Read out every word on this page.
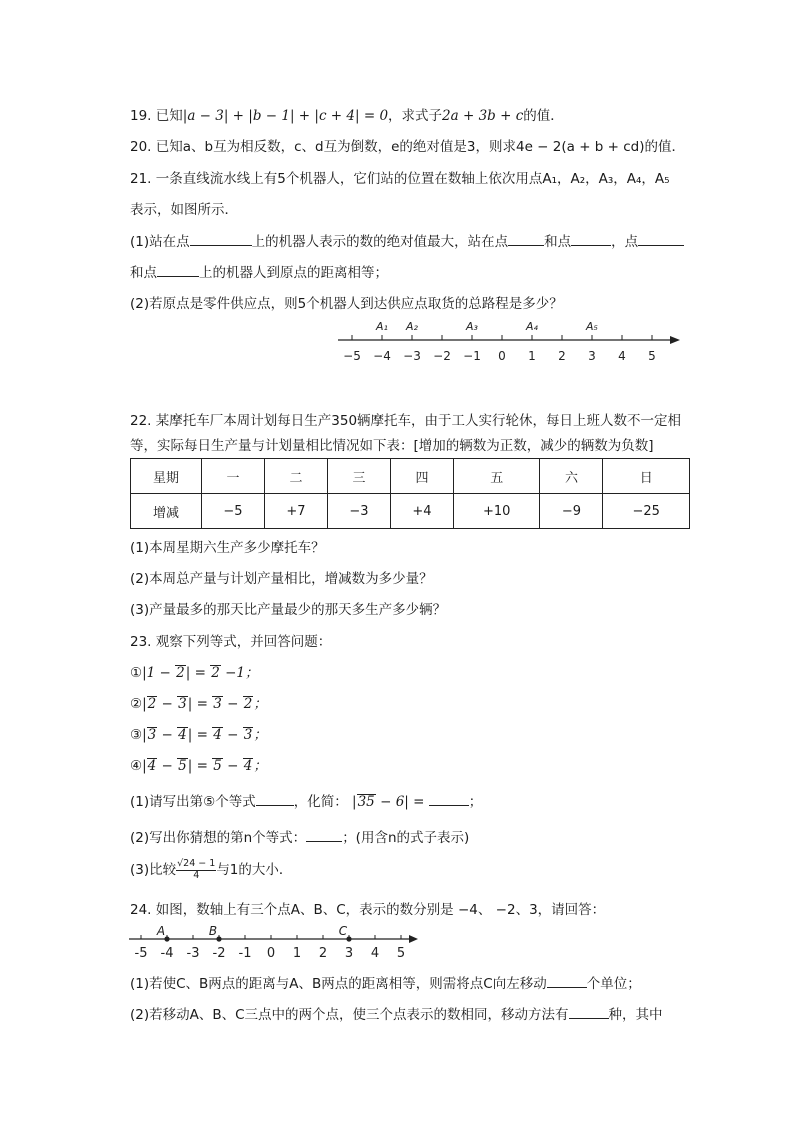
19. 已知|a − 3| + |b − 1| + |c + 4| = 0，求式子2a + 3b + c的值．
20. 已知a、b互为相反数，c、d互为倒数，e的绝对值是3，则求4e − 2(a + b + cd)的值．
21. 一条直线流水线上有5个机器人，它们站的位置在数轴上依次用点A₁，A₂，A₃，A₄，A₅
表示，如图所示．
(1)站在点	上的机器人表示的数的绝对值最大，站在点	和点	，点
和点	上的机器人到原点的距离相等；
(2)若原点是零件供应点，则5个机器人到达供应点取货的总路程是多少？
−5 −4 −3 −2 −1 0 1 2 3 4 5
A₁ A₂	A₃	A₄	A₅
22. 某摩托车厂本周计划每日生产350辆摩托车，由于工人实行轮休，每日上班人数不一定相
等，实际每日生产量与计划量相比情况如下表：[增加的辆数为正数，减少的辆数为负数]
星期	一	二	三	四	五	六	日
增减	−5	+7	−3	+4	+10	−9	−25
(1)本周星期六生产多少摩托车？
(2)本周总产量与计划产量相比，增减数为多少量？
(3)产量最多的那天比产量最少的那天多生产多少辆？
23. 观察下列等式，并回答问题：
①|1 − 2| = 2 −1；
②|2 − 3| = 3 − 2；
③|3 − 4| = 4 − 3；
④|4 − 5| = 5 − 4；
(1)请写出第⑤个等式	，化简： |35 − 6| =	；
(2)写出你猜想的第n个等式：	；(用含n的式子表示)
(3)比较 $\frac{√24 - 1}{4}$ 与1的大小．
24. 如图，数轴上有三个点A、B、C，表示的数分别是 −4、 −2、3，请回答：
-5 -4 -3 -2 -1 0 1 2 3 4 5
A	B	C
(1)若使C、B两点的距离与A、B两点的距离相等，则需将点C向左移动	个单位；
(2)若移动A、B、C三点中的两个点，使三个点表示的数相同，移动方法有	种，其中
